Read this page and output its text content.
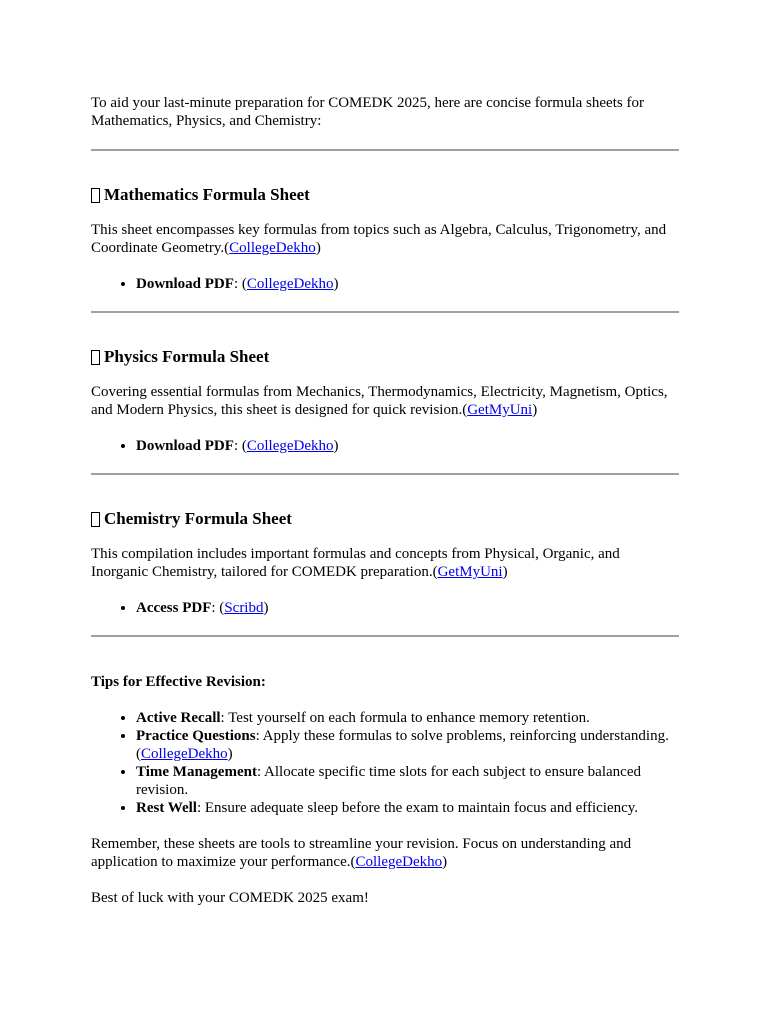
To aid your last-minute preparation for COMEDK 2025, here are concise formula sheets for Mathematics, Physics, and Chemistry:

Mathematics Formula Sheet

This sheet encompasses key formulas from topics such as Algebra, Calculus, Trigonometry, and Coordinate Geometry.(CollegeDekho)

• Download PDF: (CollegeDekho)
Physics Formula Sheet

Covering essential formulas from Mechanics, Thermodynamics, Electricity, Magnetism, Optics, and Modern Physics, this sheet is designed for quick revision.(GetMyUni)

• Download PDF: (CollegeDekho)
Chemistry Formula Sheet

This compilation includes important formulas and concepts from Physical, Organic, and Inorganic Chemistry, tailored for COMEDK preparation.(GetMyUni)

• Access PDF: (Scribd)

Tips for Effective Revision:

• Active Recall: Test yourself on each formula to enhance memory retention.
• Practice Questions: Apply these formulas to solve problems, reinforcing understanding. (CollegeDekho)
• Time Management: Allocate specific time slots for each subject to ensure balanced revision.
• Rest Well: Ensure adequate sleep before the exam to maintain focus and efficiency.

Remember, these sheets are tools to streamline your revision. Focus on understanding and application to maximize your performance.(CollegeDekho)

Best of luck with your COMEDK 2025 exam!
